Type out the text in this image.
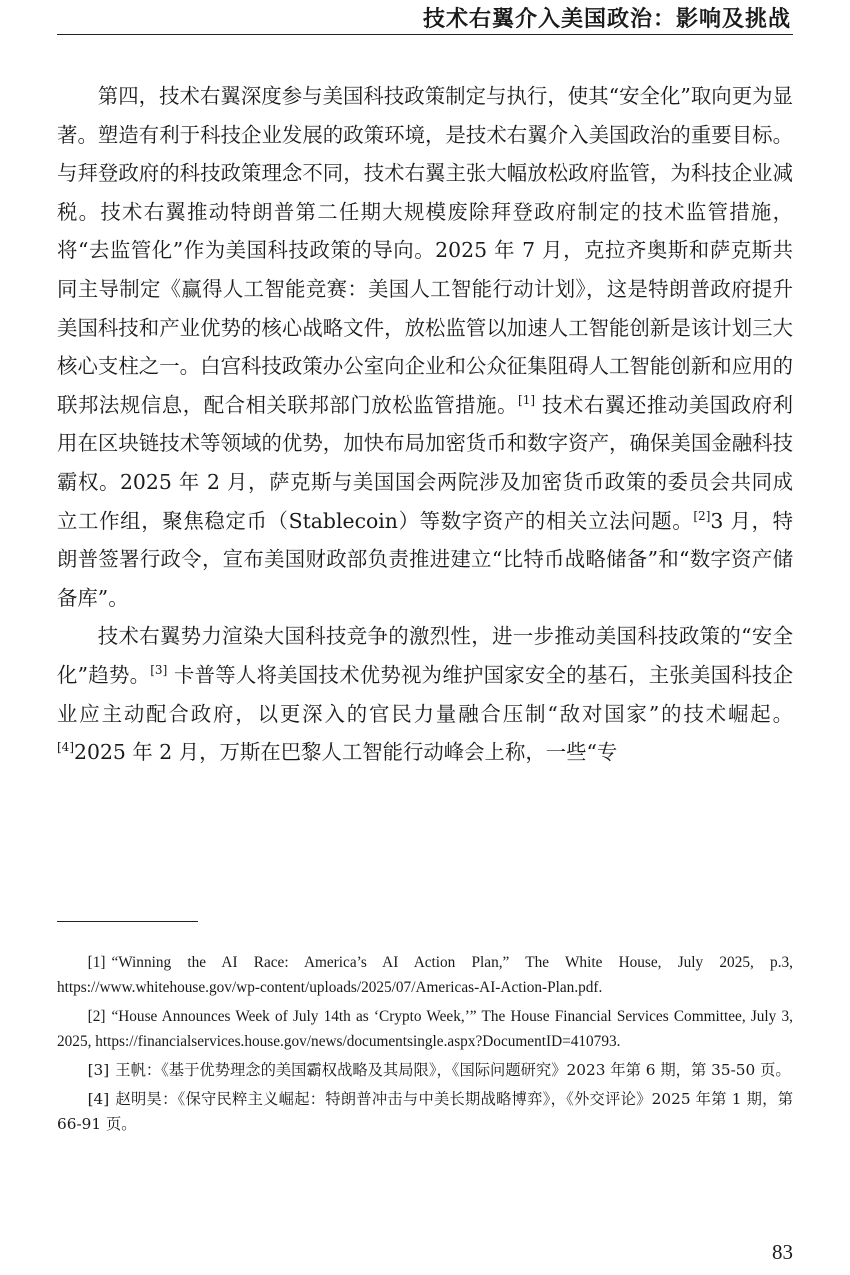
技术右翼介入美国政治：影响及挑战

第四，技术右翼深度参与美国科技政策制定与执行，使其“安全化”取向更为显著。塑造有利于科技企业发展的政策环境，是技术右翼介入美国政治的重要目标。与拜登政府的科技政策理念不同，技术右翼主张大幅放松政府监管，为科技企业减税。技术右翼推动特朗普第二任期大规模废除拜登政府制定的技术监管措施，将“去监管化”作为美国科技政策的导向。2025 年 7 月，克拉齐奥斯和萨克斯共同主导制定《赢得人工智能竞赛：美国人工智能行动计划》，这是特朗普政府提升美国科技和产业优势的核心战略文件，放松监管以加速人工智能创新是该计划三大核心支柱之一。白宫科技政策办公室向企业和公众征集阻碍人工智能创新和应用的联邦法规信息，配合相关联邦部门放松监管措施。[1] 技术右翼还推动美国政府利用在区块链技术等领域的优势，加快布局加密货币和数字资产，确保美国金融科技霸权。2025 年 2 月，萨克斯与美国国会两院涉及加密货币政策的委员会共同成立工作组，聚焦稳定币（Stablecoin）等数字资产的相关立法问题。[2]3 月，特朗普签署行政令，宣布美国财政部负责推进建立“比特币战略储备”和“数字资产储备库”。

技术右翼势力渲染大国科技竞争的激烈性，进一步推动美国科技政策的“安全化”趋势。[3] 卡普等人将美国技术优势视为维护国家安全的基石，主张美国科技企业应主动配合政府，以更深入的官民力量融合压制“敌对国家”的技术崛起。[4]2025 年 2 月，万斯在巴黎人工智能行动峰会上称，一些“专

[1] “Winning the AI Race: America’s AI Action Plan,” The White House, July 2025, p.3, https://www.whitehouse.gov/wp-content/uploads/2025/07/Americas-AI-Action-Plan.pdf.

[2] “House Announces Week of July 14th as ‘Crypto Week,’” The House Financial Services Committee, July 3, 2025, https://financialservices.house.gov/news/documentsingle.aspx?DocumentID=410793.

[3] 王帆：《基于优势理念的美国霸权战略及其局限》，《国际问题研究》2023 年第 6 期，第 35-50 页。

[4] 赵明昊：《保守民粹主义崛起：特朗普冲击与中美长期战略博弈》，《外交评论》2025 年第 1 期，第 66-91 页。

83
